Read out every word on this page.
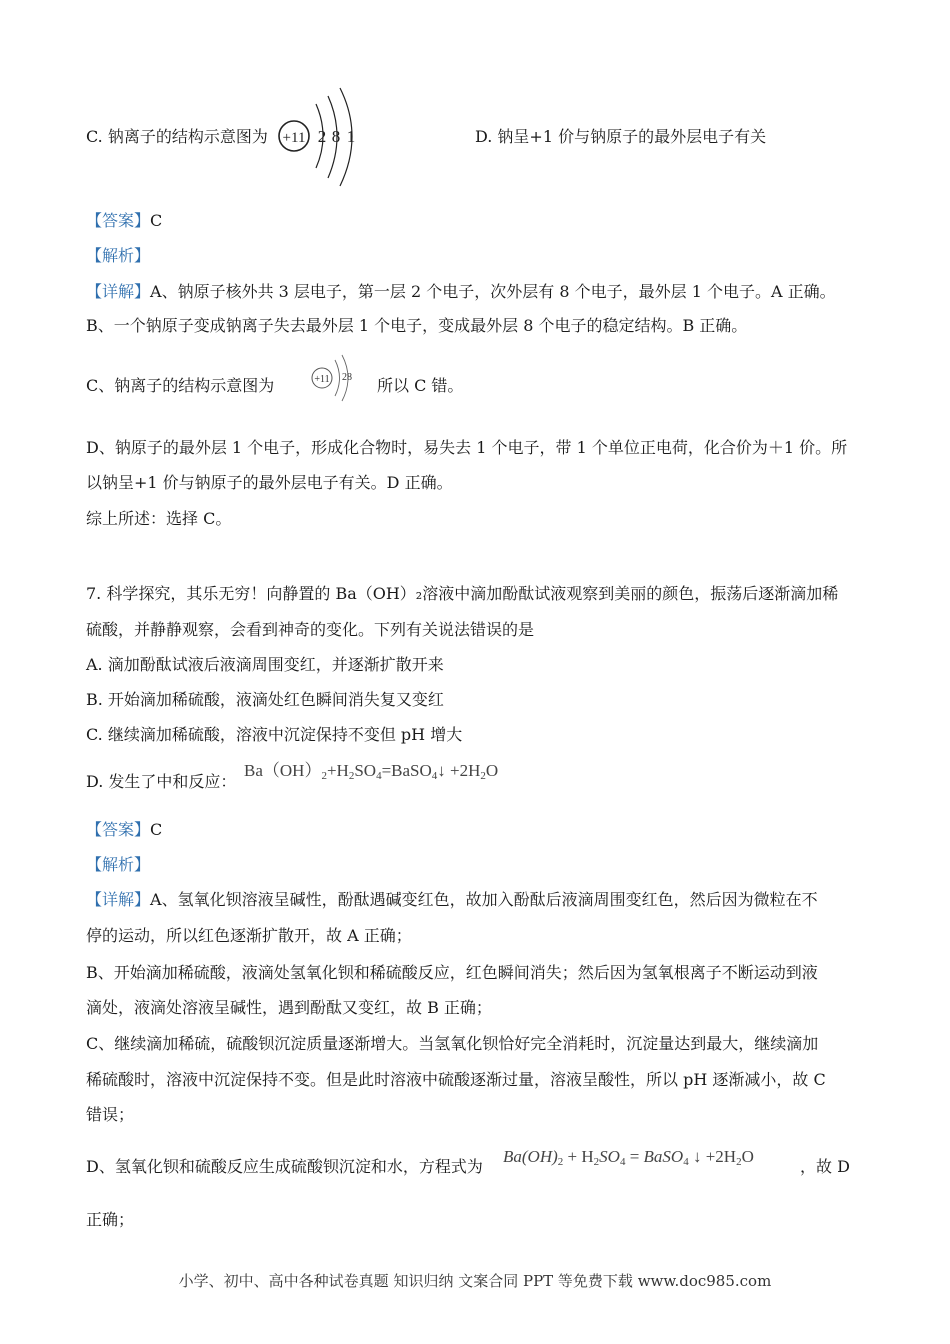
C. 钠离子的结构示意图为 +11 2 8 1	D. 钠呈+1 价与钠原子的最外层电子有关
【答案】C
【解析】
【详解】A、钠原子核外共 3 层电子，第一层 2 个电子，次外层有 8 个电子，最外层 1 个电子。A 正确。
B、一个钠原子变成钠离子失去最外层 1 个电子，变成最外层 8 个电子的稳定结构。B 正确。
C、钠离子的结构示意图为	+11 28 所以 C 错。
D、钠原子的最外层 1 个电子，形成化合物时，易失去 1 个电子，带 1 个单位正电荷，化合价为＋1 价。所
以钠呈+1 价与钠原子的最外层电子有关。D 正确。
综上所述：选择 C。
7. 科学探究，其乐无穷！向静置的 Ba（OH）₂溶液中滴加酚酞试液观察到美丽的颜色，振荡后逐渐滴加稀
硫酸，并静静观察，会看到神奇的变化。下列有关说法错误的是
A. 滴加酚酞试液后液滴周围变红，并逐渐扩散开来
B. 开始滴加稀硫酸，液滴处红色瞬间消失复又变红
C. 继续滴加稀硫酸，溶液中沉淀保持不变但 pH 增大
D. 发生了中和反应：
$Ba(OH)_2+H_2SO_4=BaSO_4↓ +2H_2O$
【答案】C
【解析】
【详解】A、氢氧化钡溶液呈碱性，酚酞遇碱变红色，故加入酚酞后液滴周围变红色，然后因为微粒在不
停的运动，所以红色逐渐扩散开，故 A 正确；
B、开始滴加稀硫酸，液滴处氢氧化钡和稀硫酸反应，红色瞬间消失；然后因为氢氧根离子不断运动到液
滴处，液滴处溶液呈碱性，遇到酚酞又变红，故 B 正确；
C、继续滴加稀硫，硫酸钡沉淀质量逐渐增大。当氢氧化钡恰好完全消耗时，沉淀量达到最大，继续滴加
稀硫酸时，溶液中沉淀保持不变。但是此时溶液中硫酸逐渐过量，溶液呈酸性，所以 pH 逐渐减小，故 C
错误；
D、氢氧化钡和硫酸反应生成硫酸钡沉淀和水，方程式为
$Ba(OH)_2 + H_2SO_4$ = BaSO$_4$ ↓ $+2H_2O$
，故 D
正确；
小学、初中、高中各种试卷真题 知识归纳 文案合同 PPT 等免费下载 www.doc985.com
